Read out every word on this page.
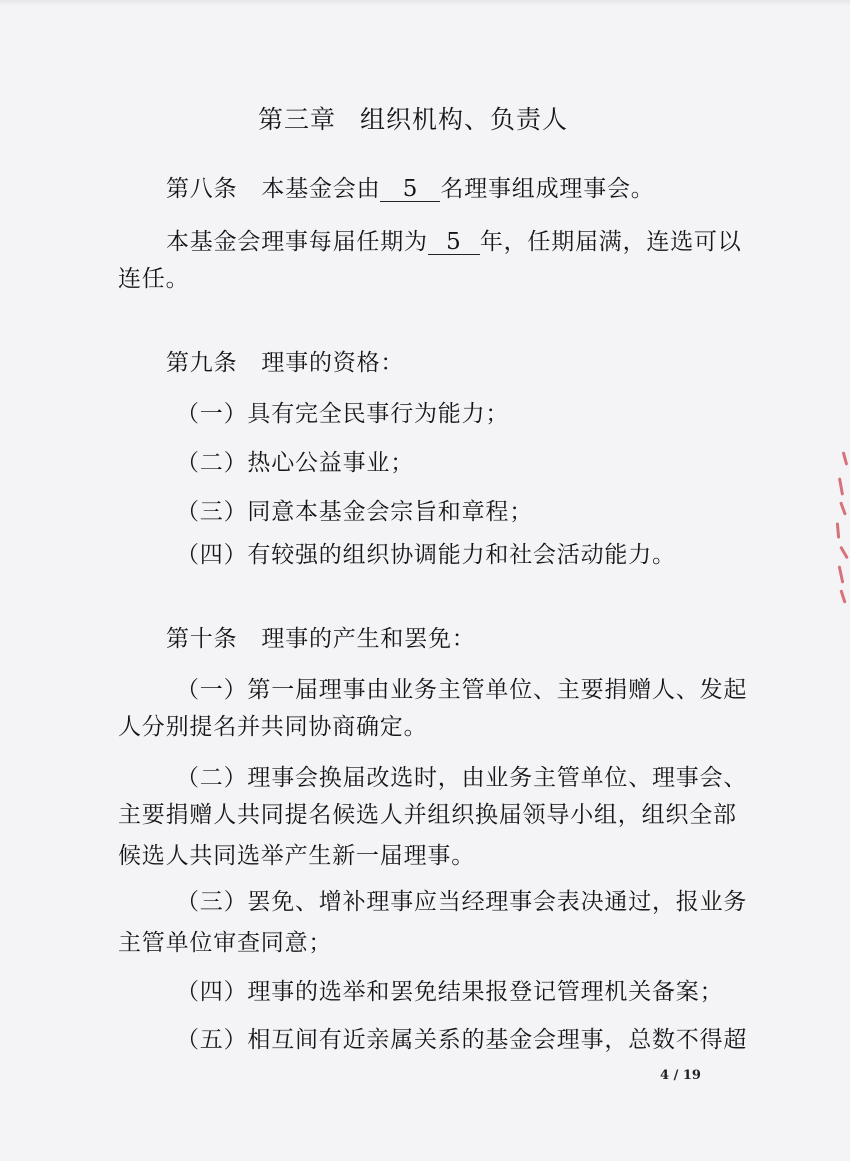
第三章 组织机构、负责人
第八条 本基金会由 5 名理事组成理事会。
本基金会理事每届任期为 5 年，任期届满，连选可以
连任。
第九条 理事的资格：
（一）具有完全民事行为能力；
（二）热心公益事业；
（三）同意本基金会宗旨和章程；
（四）有较强的组织协调能力和社会活动能力。
第十条 理事的产生和罢免：
（一）第一届理事由业务主管单位、主要捐赠人、发起
人分别提名并共同协商确定。
（二）理事会换届改选时，由业务主管单位、理事会、
主要捐赠人共同提名候选人并组织换届领导小组，组织全部
候选人共同选举产生新一届理事。
（三）罢免、增补理事应当经理事会表决通过，报业务
主管单位审查同意；
（四）理事的选举和罢免结果报登记管理机关备案；
（五）相互间有近亲属关系的基金会理事，总数不得超
4 / 19
